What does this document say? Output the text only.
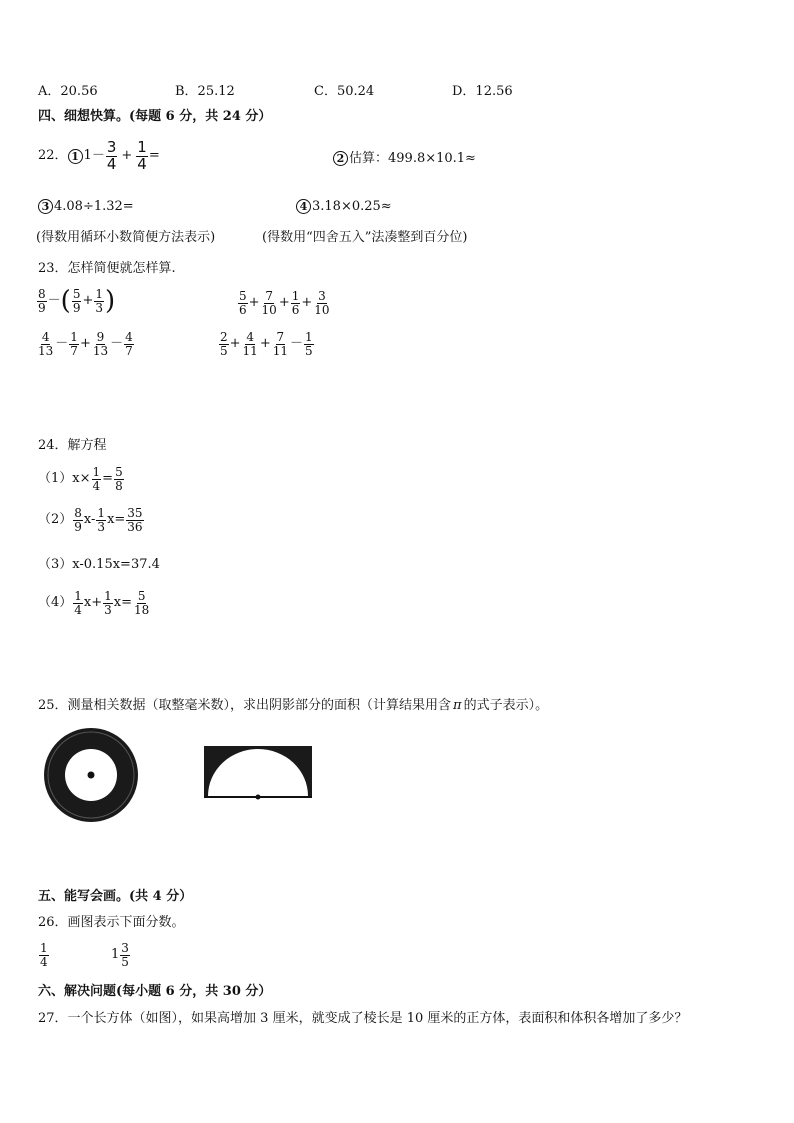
A．20.56	B．25.12	C．50.24	D．12.56
四、细想快算。(每题 6 分，共 24 分）
22． 1 $1- \frac{3}{4} + \frac{1}{4}$ =	2 估算：499.8×10.1≈
3 4.08÷1.32=	4 3.18×0.25≈
(得数用循环小数简便方法表示)	(得数用“四舍五入”法凑整到百分位)
23．怎样简便就怎样算.
$\frac{8}{9}$ － ( $\frac{5}{9} + \frac{1}{3}$ )	$\frac{5}{6} + \frac{7}{10} + \frac{1}{6} + \frac{3}{10}$
$\frac{4}{13} - \frac{1}{7} + \frac{9}{13} - \frac{4}{7}$	$\frac{2}{5} + \frac{4}{11} + \frac{7}{11} - \frac{1}{5}$
24．解方程
（1） $x\times \frac{1}{4} = \frac{5}{8}$
$(2) \frac{8}{9} x- \frac{1}{3} x= \frac{35}{36}$
（3）x-0.15x=37.4
$(4) \frac{1}{4} x+ \frac{1}{3} x= \frac{5}{18}$
25．测量相关数据（取整毫米数），求出阴影部分的面积（计算结果用含 π 的式子表示）。
五、能写会画。(共 4 分）
26．画图表示下面分数。
$\frac{1}{4}$	$1 \frac{3}{5}$
六、解决问题(每小题 6 分，共 30 分）
27．一个长方体（如图），如果高增加 3 厘米，就变成了棱长是 10 厘米的正方体，表面积和体积各增加了多少？
